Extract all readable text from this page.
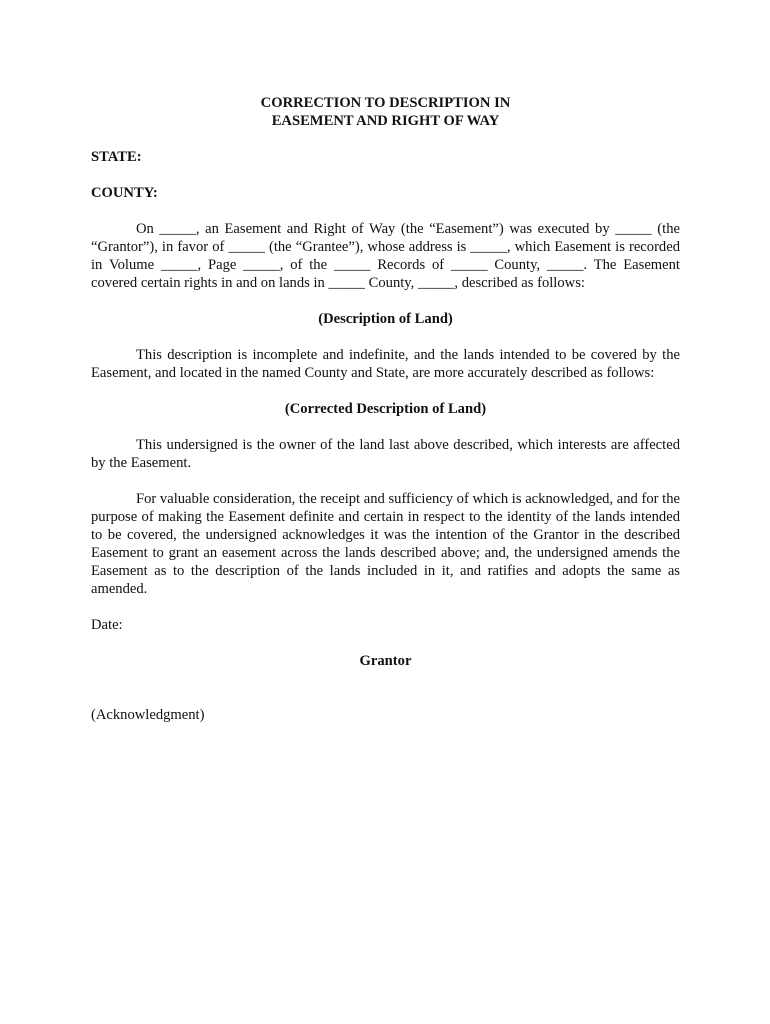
CORRECTION TO DESCRIPTION IN

EASEMENT AND RIGHT OF WAY

STATE:

COUNTY:

On _____, an Easement and Right of Way (the “Easement”) was executed by _____ (the “Grantor”), in favor of _____ (the “Grantee”), whose address is _____, which Easement is recorded in Volume _____, Page _____, of the _____ Records of _____ County, _____. The Easement covered certain rights in and on lands in _____ County, _____, described as follows:

(Description of Land)

This description is incomplete and indefinite, and the lands intended to be covered by the Easement, and located in the named County and State, are more accurately described as follows:

(Corrected Description of Land)

This undersigned is the owner of the land last above described, which interests are affected by the Easement.

For valuable consideration, the receipt and sufficiency of which is acknowledged, and for the purpose of making the Easement definite and certain in respect to the identity of the lands intended to be covered, the undersigned acknowledges it was the intention of the Grantor in the described Easement to grant an easement across the lands described above; and, the undersigned amends the Easement as to the description of the lands included in it, and ratifies and adopts the same as amended.

Date:

Grantor

(Acknowledgment)
